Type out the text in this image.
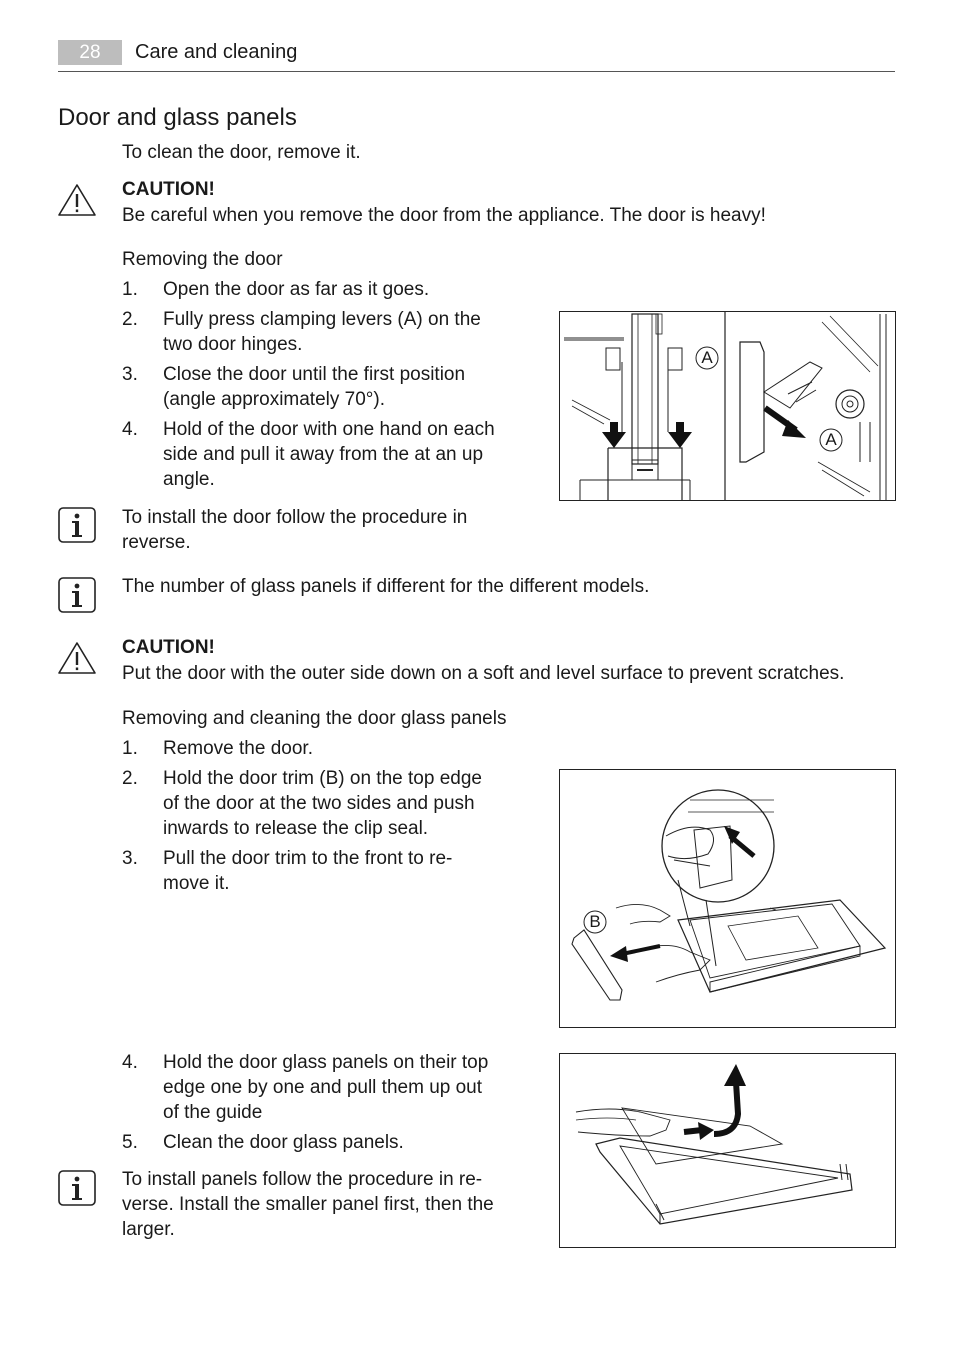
28	Care and cleaning
Door and glass panels
To clean the door, remove it.
CAUTION!
Be careful when you remove the door from the appliance. The door is heavy!
Removing the door
1. Open the door as far as it goes.
2. Fully press clamping levers (A) on the
two door hinges.
3. Close the door until the first position
(angle approximately 70°).
4. Hold of the door with one hand on each
side and pull it away from the at an up
angle.
A
A
To install the door follow the procedure in
reverse.
The number of glass panels if different for the different models.
CAUTION!
Put the door with the outer side down on a soft and level surface to prevent scratches.
Removing and cleaning the door glass panels
1. Remove the door.
2. Hold the door trim (B) on the top edge
of the door at the two sides and push
inwards to release the clip seal.
3. Pull the door trim to the front to re-
move it.
B
4. Hold the door glass panels on their top
edge one by one and pull them up out
of the guide
5. Clean the door glass panels.
To install panels follow the procedure in re-
verse. Install the smaller panel first, then the
larger.
